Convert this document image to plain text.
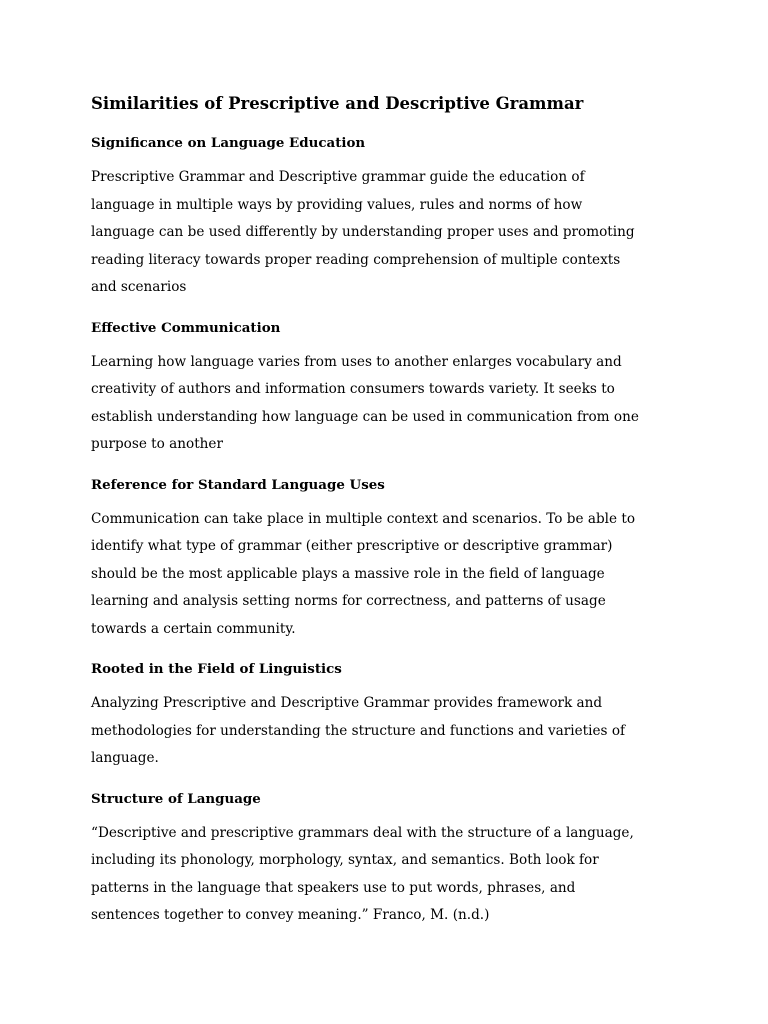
Similarities of Prescriptive and Descriptive Grammar
Significance on Language Education

Prescriptive Grammar and Descriptive grammar guide the education of
language in multiple ways by providing values, rules and norms of how
language can be used differently by understanding proper uses and promoting
reading literacy towards proper reading comprehension of multiple contexts
and scenarios

Effective Communication

Learning how language varies from uses to another enlarges vocabulary and
creativity of authors and information consumers towards variety. It seeks to
establish understanding how language can be used in communication from one
purpose to another

Reference for Standard Language Uses

Communication can take place in multiple context and scenarios. To be able to
identify what type of grammar (either prescriptive or descriptive grammar)
should be the most applicable plays a massive role in the field of language
learning and analysis setting norms for correctness, and patterns of usage
towards a certain community.

Rooted in the Field of Linguistics

Analyzing Prescriptive and Descriptive Grammar provides framework and
methodologies for understanding the structure and functions and varieties of
language.

Structure of Language

“Descriptive and prescriptive grammars deal with the structure of a language,
including its phonology, morphology, syntax, and semantics. Both look for
patterns in the language that speakers use to put words, phrases, and
sentences together to convey meaning.” Franco, M. (n.d.)
